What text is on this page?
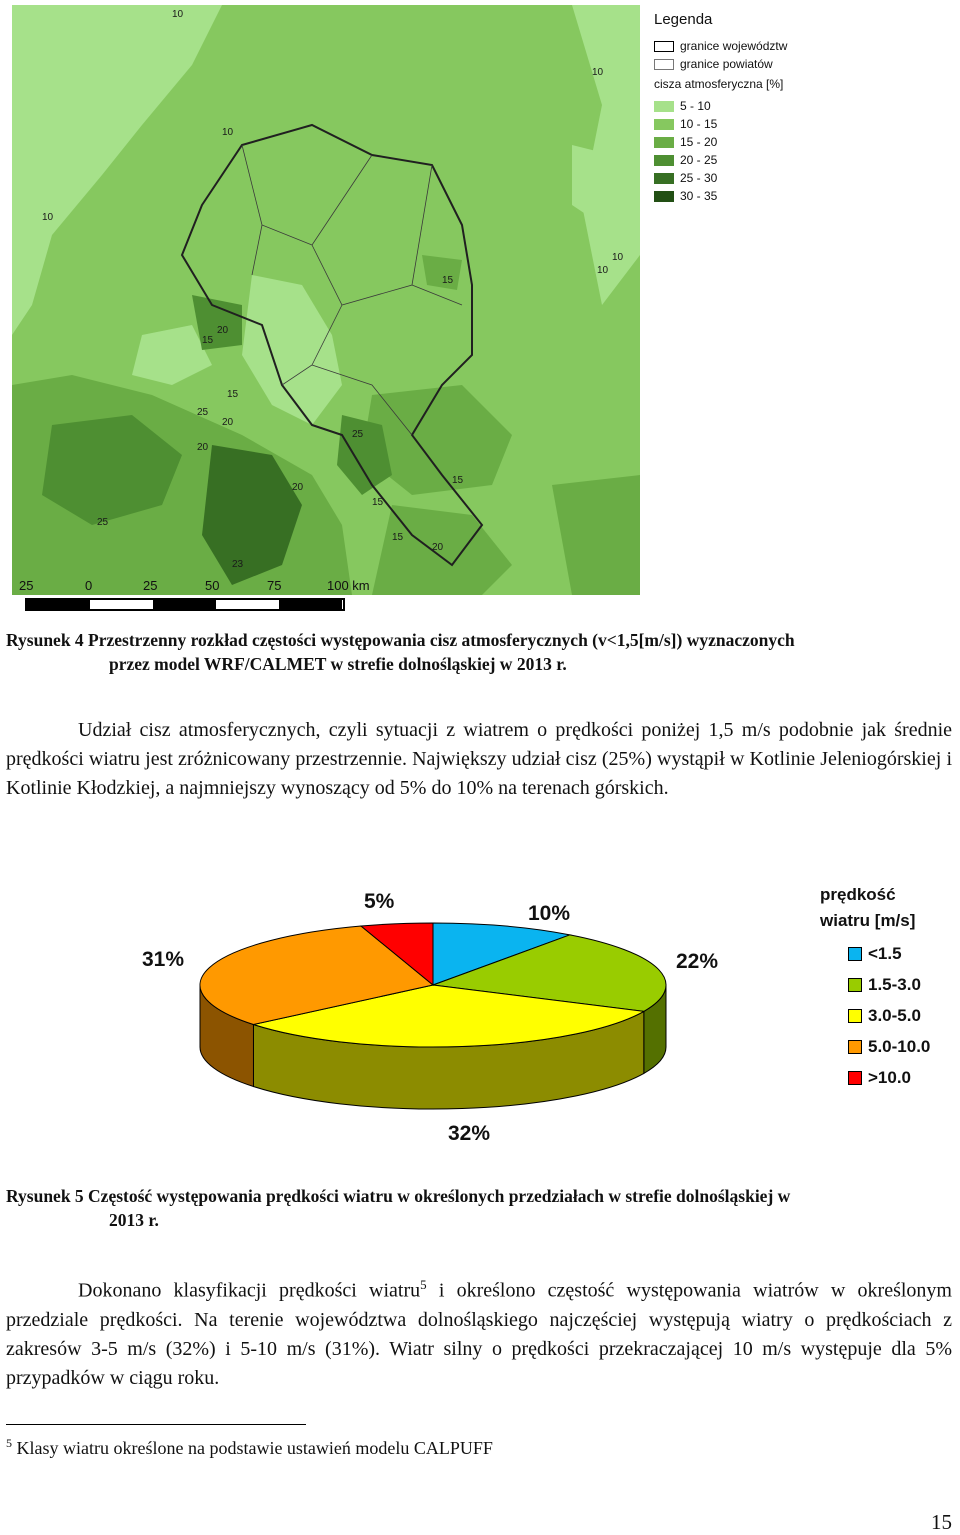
10
10
10
10
10
10
15
15
15
15
20
20
20
25
25
25
20
15
23
15
20
Legenda
granice województw
granice powiatów
cisza atmosferyczna [%]
5 - 10
10 - 15
15 - 20
20 - 25
25 - 30
30 - 35
25	0	25	50	75	100 km
Rysunek 4 Przestrzenny rozkład częstości występowania cisz atmosferycznych (v<1,5[m/s]) wyznaczonych
przez model WRF/CALMET w strefie dolnośląskiej w 2013 r.
Udział cisz atmosferycznych, czyli sytuacji z wiatrem o prędkości poniżej 1,5 m/s podobnie jak średnie prędkości wiatru jest zróżnicowany przestrzennie. Największy udział cisz (25%) wystąpił w Kotlinie Jeleniogórskiej i Kotlinie Kłodzkiej, a najmniejszy wynoszący od 5% do 10% na terenach górskich.
5%
10%
22%
32%
31%
prędkość wiatru [m/s]
<1.5
1.5-3.0
3.0-5.0
5.0-10.0
>10.0
Rysunek 5 Częstość występowania prędkości wiatru w określonych przedziałach w strefie dolnośląskiej w
2013 r.
Dokonano klasyfikacji prędkości wiatru$^5$ i określono częstość występowania wiatrów w określonym przedziale prędkości. Na terenie województwa dolnośląskiego najczęściej występują wiatry o prędkościach z zakresów 3-5 m/s (32%) i 5-10 m/s (31%). Wiatr silny o prędkości przekraczającej 10 m/s występuje dla 5% przypadków w ciągu roku.
$^5$ Klasy wiatru określone na podstawie ustawień modelu CALPUFF
15
